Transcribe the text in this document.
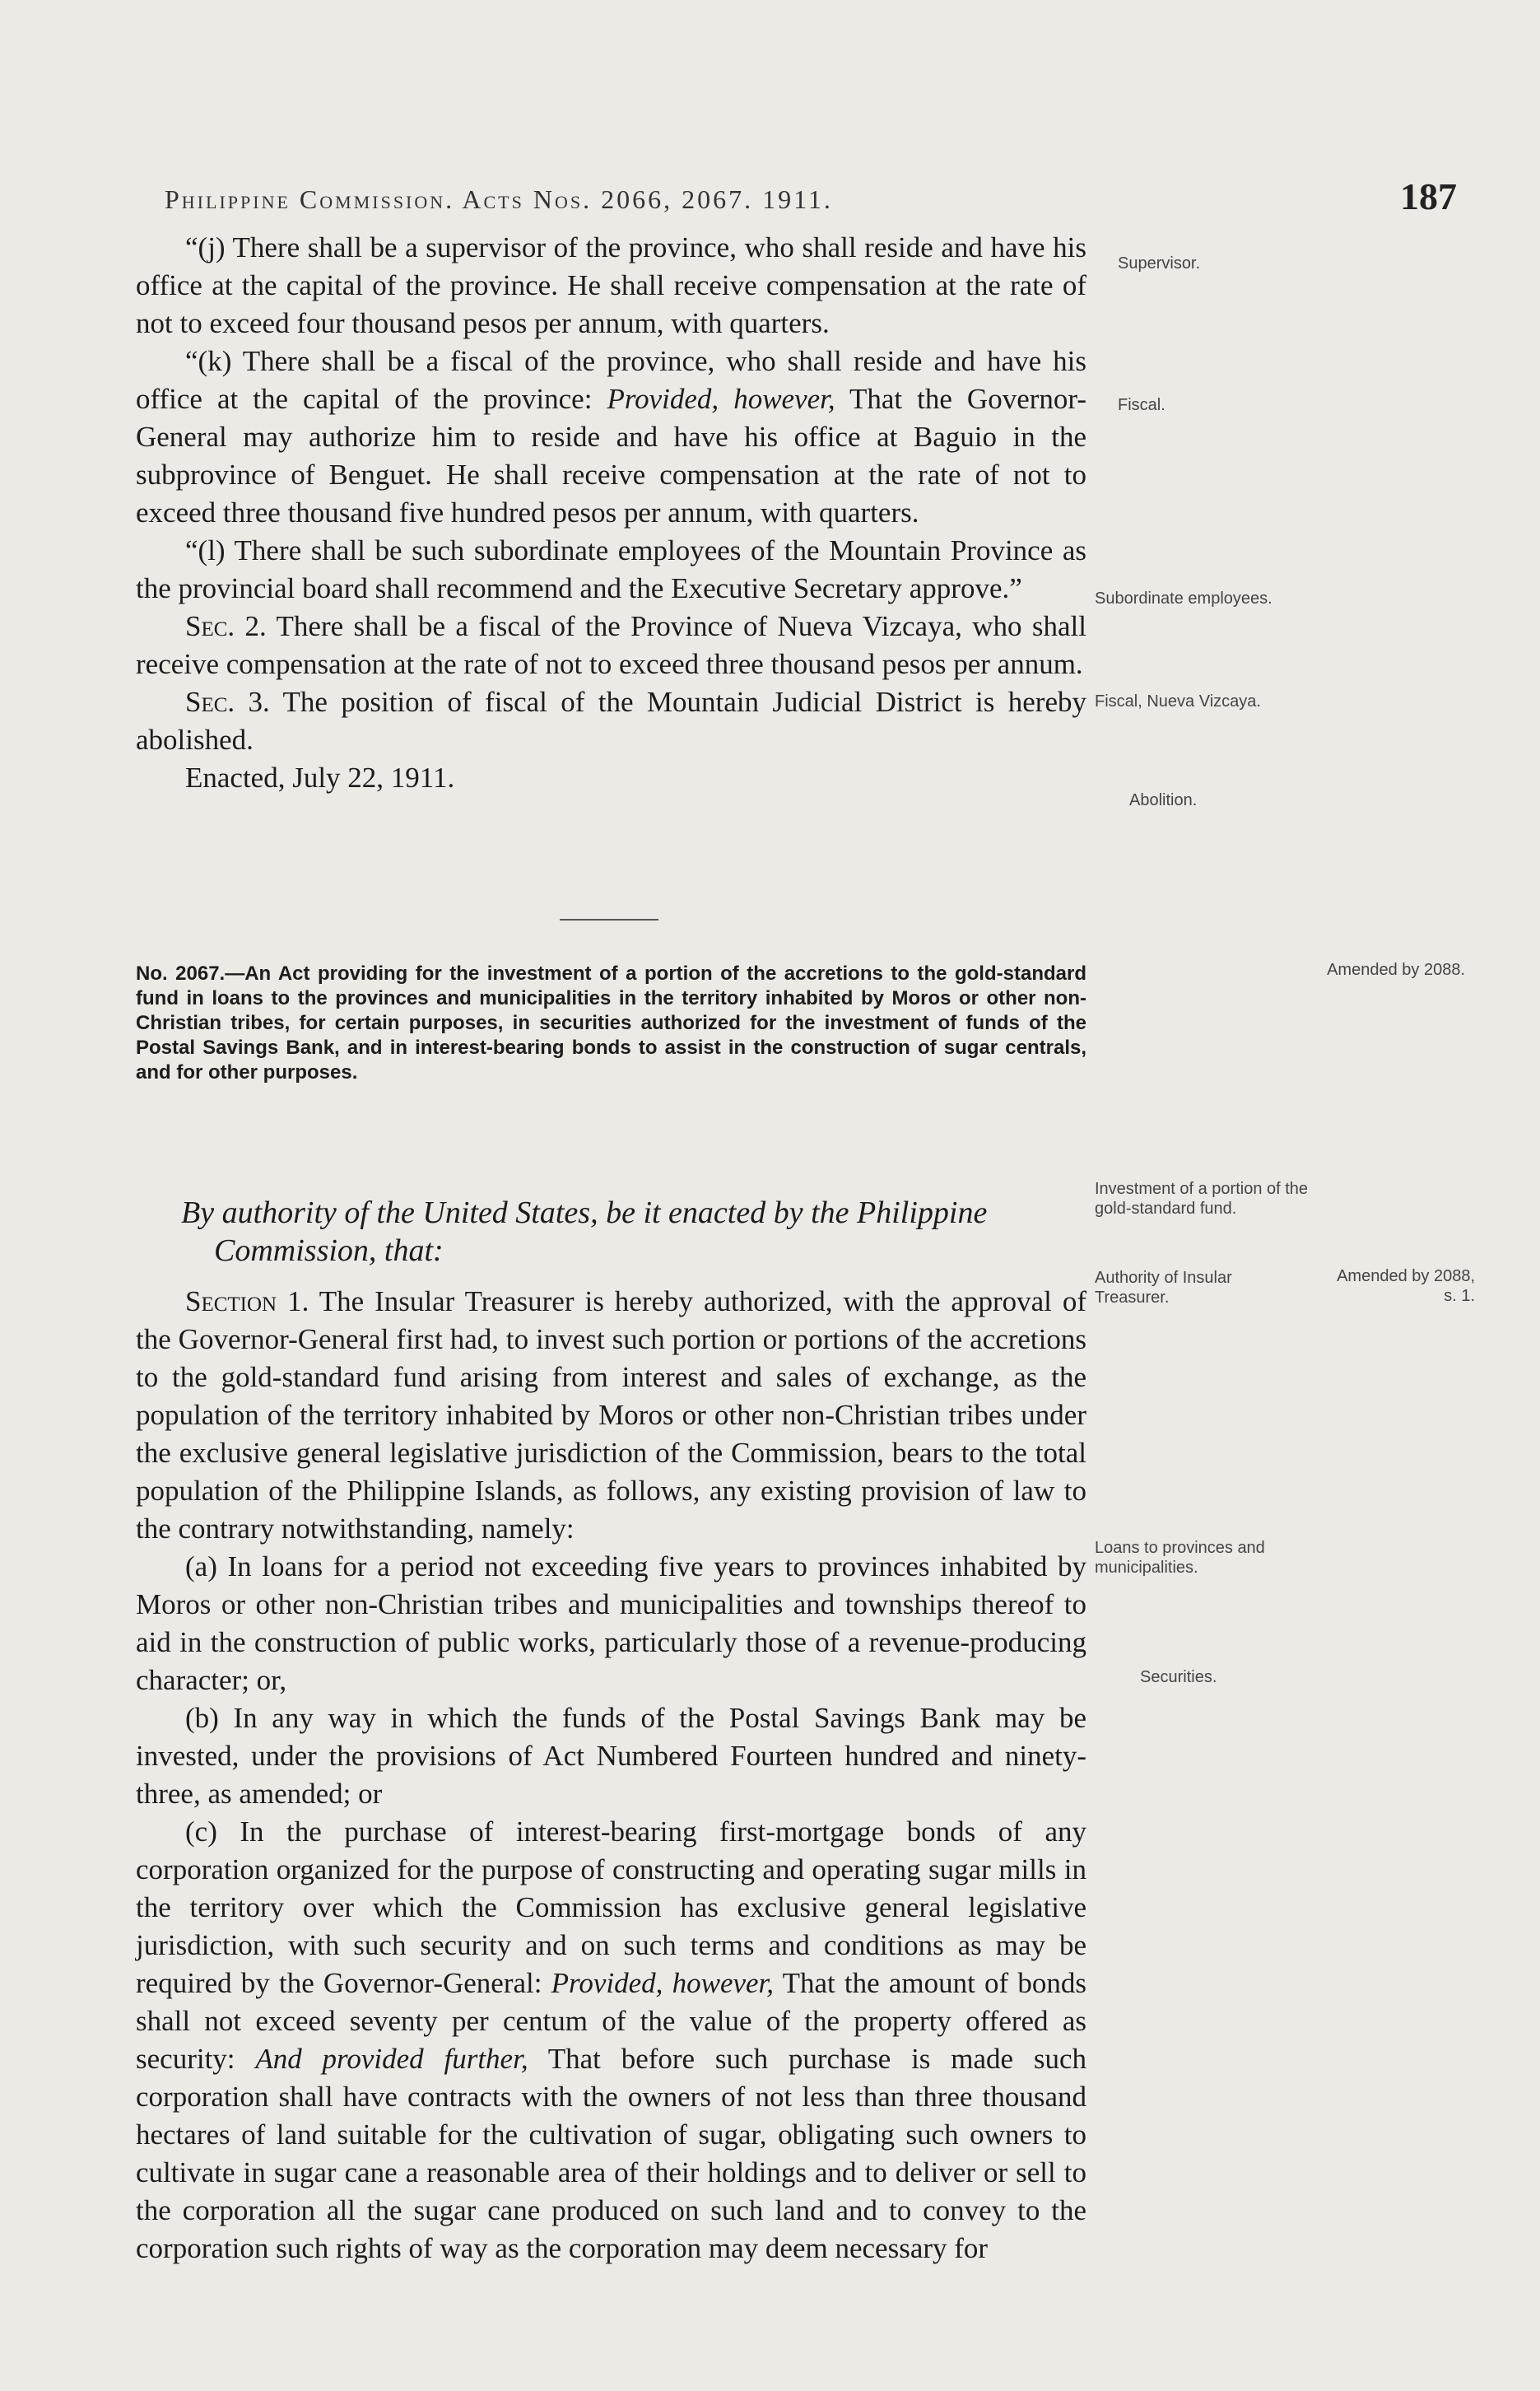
Philippine Commission. Acts Nos. 2066, 2067. 1911.	187

“(j) There shall be a supervisor of the province, who shall reside and have his office at the capital of the province. He shall receive compensation at the rate of not to exceed four thousand pesos per annum, with quarters.

“(k) There shall be a fiscal of the province, who shall reside and have his office at the capital of the province: Provided, however, That the Governor-General may authorize him to reside and have his office at Baguio in the subprovince of Benguet. He shall receive compensation at the rate of not to exceed three thousand five hundred pesos per annum, with quarters.

“(l) There shall be such subordinate employees of the Mountain Province as the provincial board shall recommend and the Executive Secretary approve.”

Sec. 2. There shall be a fiscal of the Province of Nueva Vizcaya, who shall receive compensation at the rate of not to exceed three thousand pesos per annum.

Sec. 3. The position of fiscal of the Mountain Judicial District is hereby abolished.

Enacted, July 22, 1911.

Supervisor.
Fiscal.
Subordinate employees.
Fiscal, Nueva Vizcaya.
Abolition.
No. 2067.—An Act providing for the investment of a portion of the accretions to the gold-standard fund in loans to the provinces and municipalities in the territory inhabited by Moros or other non-Christian tribes, for certain purposes, in securities authorized for the investment of funds of the Postal Savings Bank, and in interest-bearing bonds to assist in the construction of sugar centrals, and for other purposes.
Amended by 2088.
By authority of the United States, be it enacted by the Philippine
Commission, that:
Investment of a portion of the gold-standard fund.

Section 1. The Insular Treasurer is hereby authorized, with the approval of the Governor-General first had, to invest such portion or portions of the accretions to the gold-standard fund arising from interest and sales of exchange, as the population of the territory inhabited by Moros or other non-Christian tribes under the exclusive general legislative jurisdiction of the Commission, bears to the total population of the Philippine Islands, as follows, any existing provision of law to the contrary notwithstanding, namely:

(a) In loans for a period not exceeding five years to provinces inhabited by Moros or other non-Christian tribes and municipalities and townships thereof to aid in the construction of public works, particularly those of a revenue-producing character; or,

(b) In any way in which the funds of the Postal Savings Bank may be invested, under the provisions of Act Numbered Fourteen hundred and ninety-three, as amended; or

(c) In the purchase of interest-bearing first-mortgage bonds of any corporation organized for the purpose of constructing and operating sugar mills in the territory over which the Commission has exclusive general legislative jurisdiction, with such security and on such terms and conditions as may be required by the Governor-General: Provided, however, That the amount of bonds shall not exceed seventy per centum of the value of the property offered as security: And provided further, That before such purchase is made such corporation shall have contracts with the owners of not less than three thousand hectares of land suitable for the cultivation of sugar, obligating such owners to cultivate in sugar cane a reasonable area of their holdings and to deliver or sell to the corporation all the sugar cane produced on such land and to convey to the corporation such rights of way as the corporation may deem necessary for

Authority of Insular Treasurer.
Amended by 2088, s. 1.
Loans to provinces and municipalities.
Securities.
